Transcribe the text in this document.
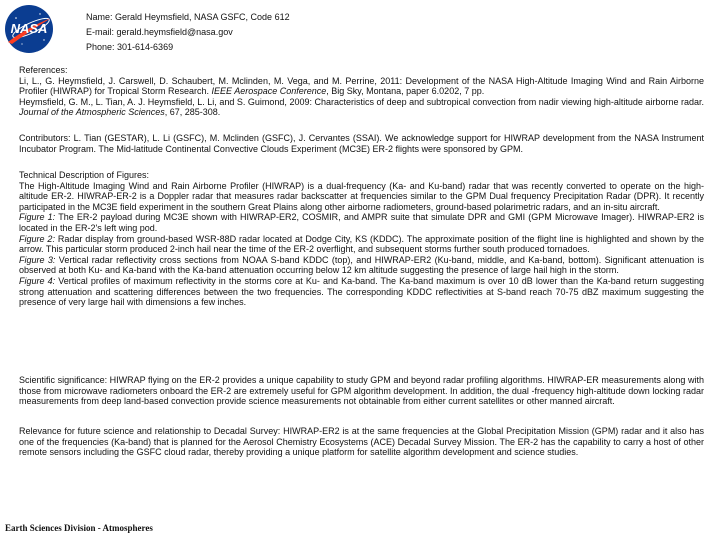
NASA
Name: Gerald Heymsfield, NASA GSFC, Code 612
E-mail: gerald.heymsfield@nasa.gov
Phone: 301-614-6369

References:

Li, L., G. Heymsfield, J. Carswell, D. Schaubert, M. Mclinden, M. Vega, and M. Perrine, 2011: Development of the NASA High-Altitude Imaging Wind and Rain Airborne Profiler (HIWRAP) for Tropical Storm Research. IEEE Aerospace Conference, Big Sky, Montana, paper 6.0202, 7 pp.

Heymsfield, G. M., L. Tian, A. J. Heymsfield, L. Li, and S. Guimond, 2009: Characteristics of deep and subtropical convection from nadir viewing high-altitude airborne radar. Journal of the Atmospheric Sciences, 67, 285-308.

Contributors: L. Tian (GESTAR), L. Li (GSFC), M. Mclinden (GSFC), J. Cervantes (SSAI). We acknowledge support for HIWRAP development from the NASA Instrument Incubator Program. The Mid-latitude Continental Convective Clouds Experiment (MC3E) ER-2 flights were sponsored by GPM.

Technical Description of Figures:

The High-Altitude Imaging Wind and Rain Airborne Profiler (HIWRAP) is a dual-frequency (Ka- and Ku-band) radar that was recently converted to operate on the high-altitude ER-2. HIWRAP-ER-2 is a Doppler radar that measures radar backscatter at frequencies similar to the GPM Dual frequency Precipitation Radar (DPR). It recently participated in the MC3E field experiment in the southern Great Plains along other airborne radiometers, ground-based polarimetric radars, and an in-situ aircraft.

Figure 1: The ER-2 payload during MC3E shown with HIWRAP-ER2, COSMIR, and AMPR suite that simulate DPR and GMI (GPM Microwave Imager). HIWRAP-ER2 is located in the ER-2's left wing pod.

Figure 2: Radar display from ground-based WSR-88D radar located at Dodge City, KS (KDDC). The approximate position of the flight line is highlighted and shown by the arrow. This particular storm produced 2-inch hail near the time of the ER-2 overflight, and subsequent storms further south produced tornadoes.

Figure 3: Vertical radar reflectivity cross sections from NOAA S-band KDDC (top), and HIWRAP-ER2 (Ku-band, middle, and Ka-band, bottom). Significant attenuation is observed at both Ku- and Ka-band with the Ka-band attenuation occurring below 12 km altitude suggesting the presence of large hail high in the storm.

Figure 4: Vertical profiles of maximum reflectivity in the storms core at Ku- and Ka-band. The Ka-band maximum is over 10 dB lower than the Ka-band return suggesting strong attenuation and scattering differences between the two frequencies. The corresponding KDDC reflectivities at S-band reach 70-75 dBZ maximum suggesting the presence of very large hail with dimensions a few inches.

Scientific significance: HIWRAP flying on the ER-2 provides a unique capability to study GPM and beyond radar profiling algorithms. HIWRAP-ER measurements along with those from microwave radiometers onboard the ER-2 are extremely useful for GPM algorithm development. In addition, the dual -frequency high-altitude down locking radar measurements from deep land-based convection provide science measurements not obtainable from either current satellites or other manned aircraft.

Relevance for future science and relationship to Decadal Survey: HIWRAP-ER2 is at the same frequencies at the Global Precipitation Mission (GPM) radar and it also has one of the frequencies (Ka-band) that is planned for the Aerosol Chemistry Ecosystems (ACE) Decadal Survey Mission. The ER-2 has the capability to carry a host of other remote sensors including the GSFC cloud radar, thereby providing a unique platform for satellite algorithm development and science studies.

Earth Sciences Division - Atmospheres
